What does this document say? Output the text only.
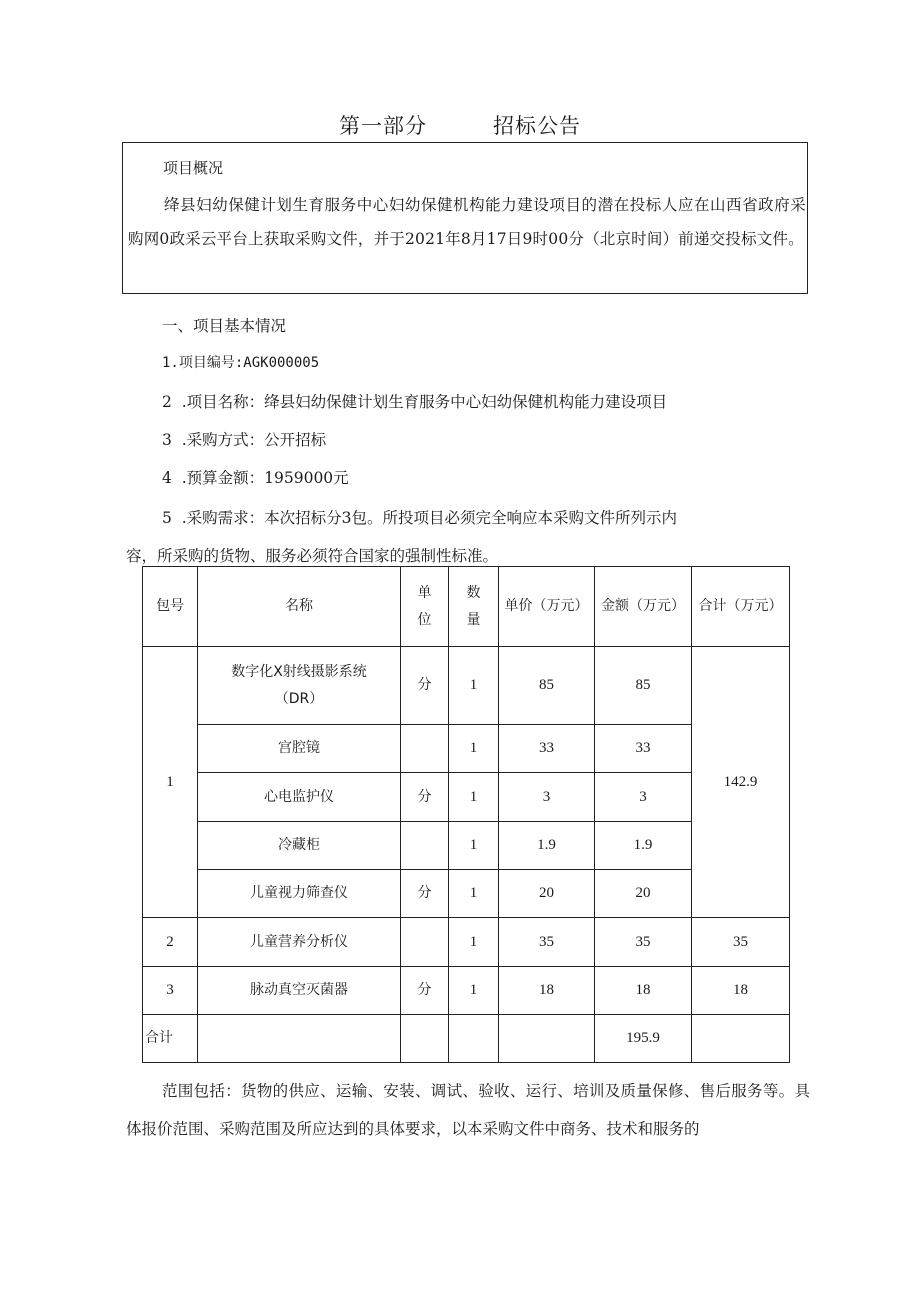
第一部分	招标公告
项目概况
绛县妇幼保健计划生育服务中心妇幼保健机构能力建设项目的潜在投标人应在山西省政府采购网0政采云平台上获取采购文件，并于2021年8月17日9时00分（北京时间）前递交投标文件。
一、项目基本情况
1.项目编号:AGK000005
2  .项目名称：绛县妇幼保健计划生育服务中心妇幼保健机构能力建设项目
3  .采购方式：公开招标
4  .预算金额：1959000元
5  .采购需求：本次招标分3包。所投项目必须完全响应本采购文件所列示内
容，所采购的货物、服务必须符合国家的强制性标准。
包号	名称	单位	数量	单价（万元）	金额（万元）	合计（万元）
1	数字化X射线摄影系统（DR）	分	1	85	85	142.9
	宫腔镜		1	33	33	
	心电监护仪	分	1	3	3	
	冷藏柜		1	1.9	1.9	
	儿童视力筛查仪	分	1	20	20	
2	儿童营养分析仪		1	35	35	35
3	脉动真空灭菌器	分	1	18	18	18
合计					195.9	
范围包括：货物的供应、运输、安装、调试、验收、运行、培训及质量保修、售后服务等。具体报价范围、采购范围及所应达到的具体要求，以本采购文件中商务、技术和服务的
